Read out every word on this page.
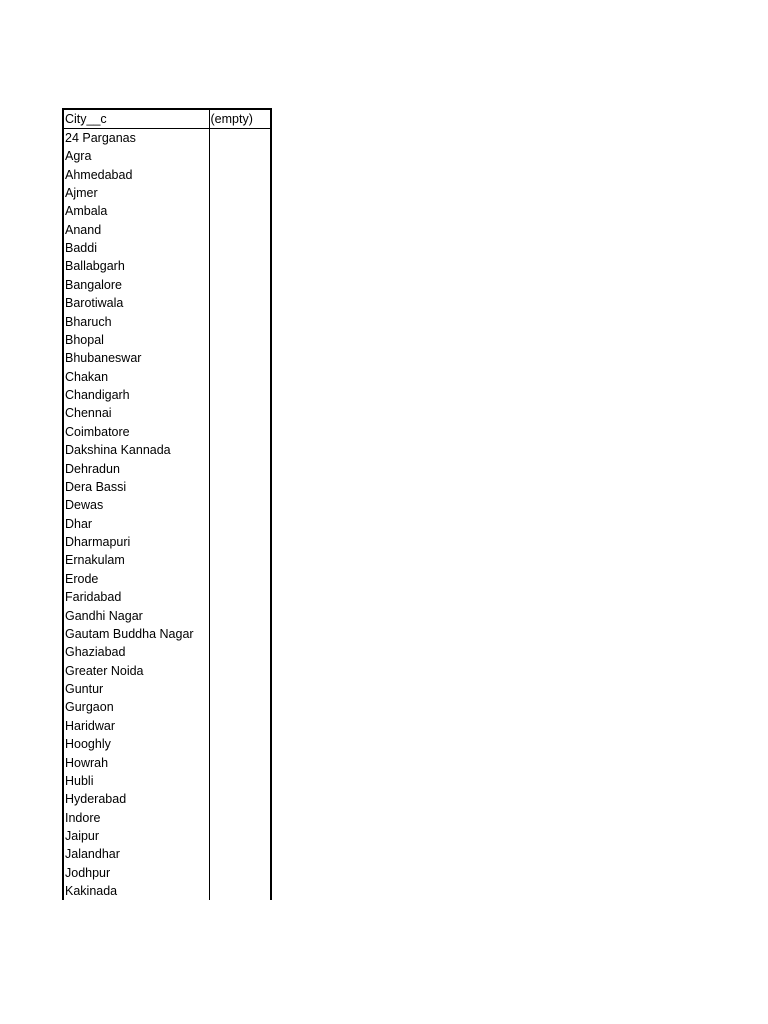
City__c	(empty)
24 Parganas	
Agra	
Ahmedabad	
Ajmer	
Ambala	
Anand	
Baddi	
Ballabgarh	
Bangalore	
Barotiwala	
Bharuch	
Bhopal	
Bhubaneswar	
Chakan	
Chandigarh	
Chennai	
Coimbatore	
Dakshina Kannada	
Dehradun	
Dera Bassi	
Dewas	
Dhar	
Dharmapuri	
Ernakulam	
Erode	
Faridabad	
Gandhi Nagar	
Gautam Buddha Nagar	
Ghaziabad	
Greater Noida	
Guntur	
Gurgaon	
Haridwar	
Hooghly	
Howrah	
Hubli	
Hyderabad	
Indore	
Jaipur	
Jalandhar	
Jodhpur	
Kakinada	
